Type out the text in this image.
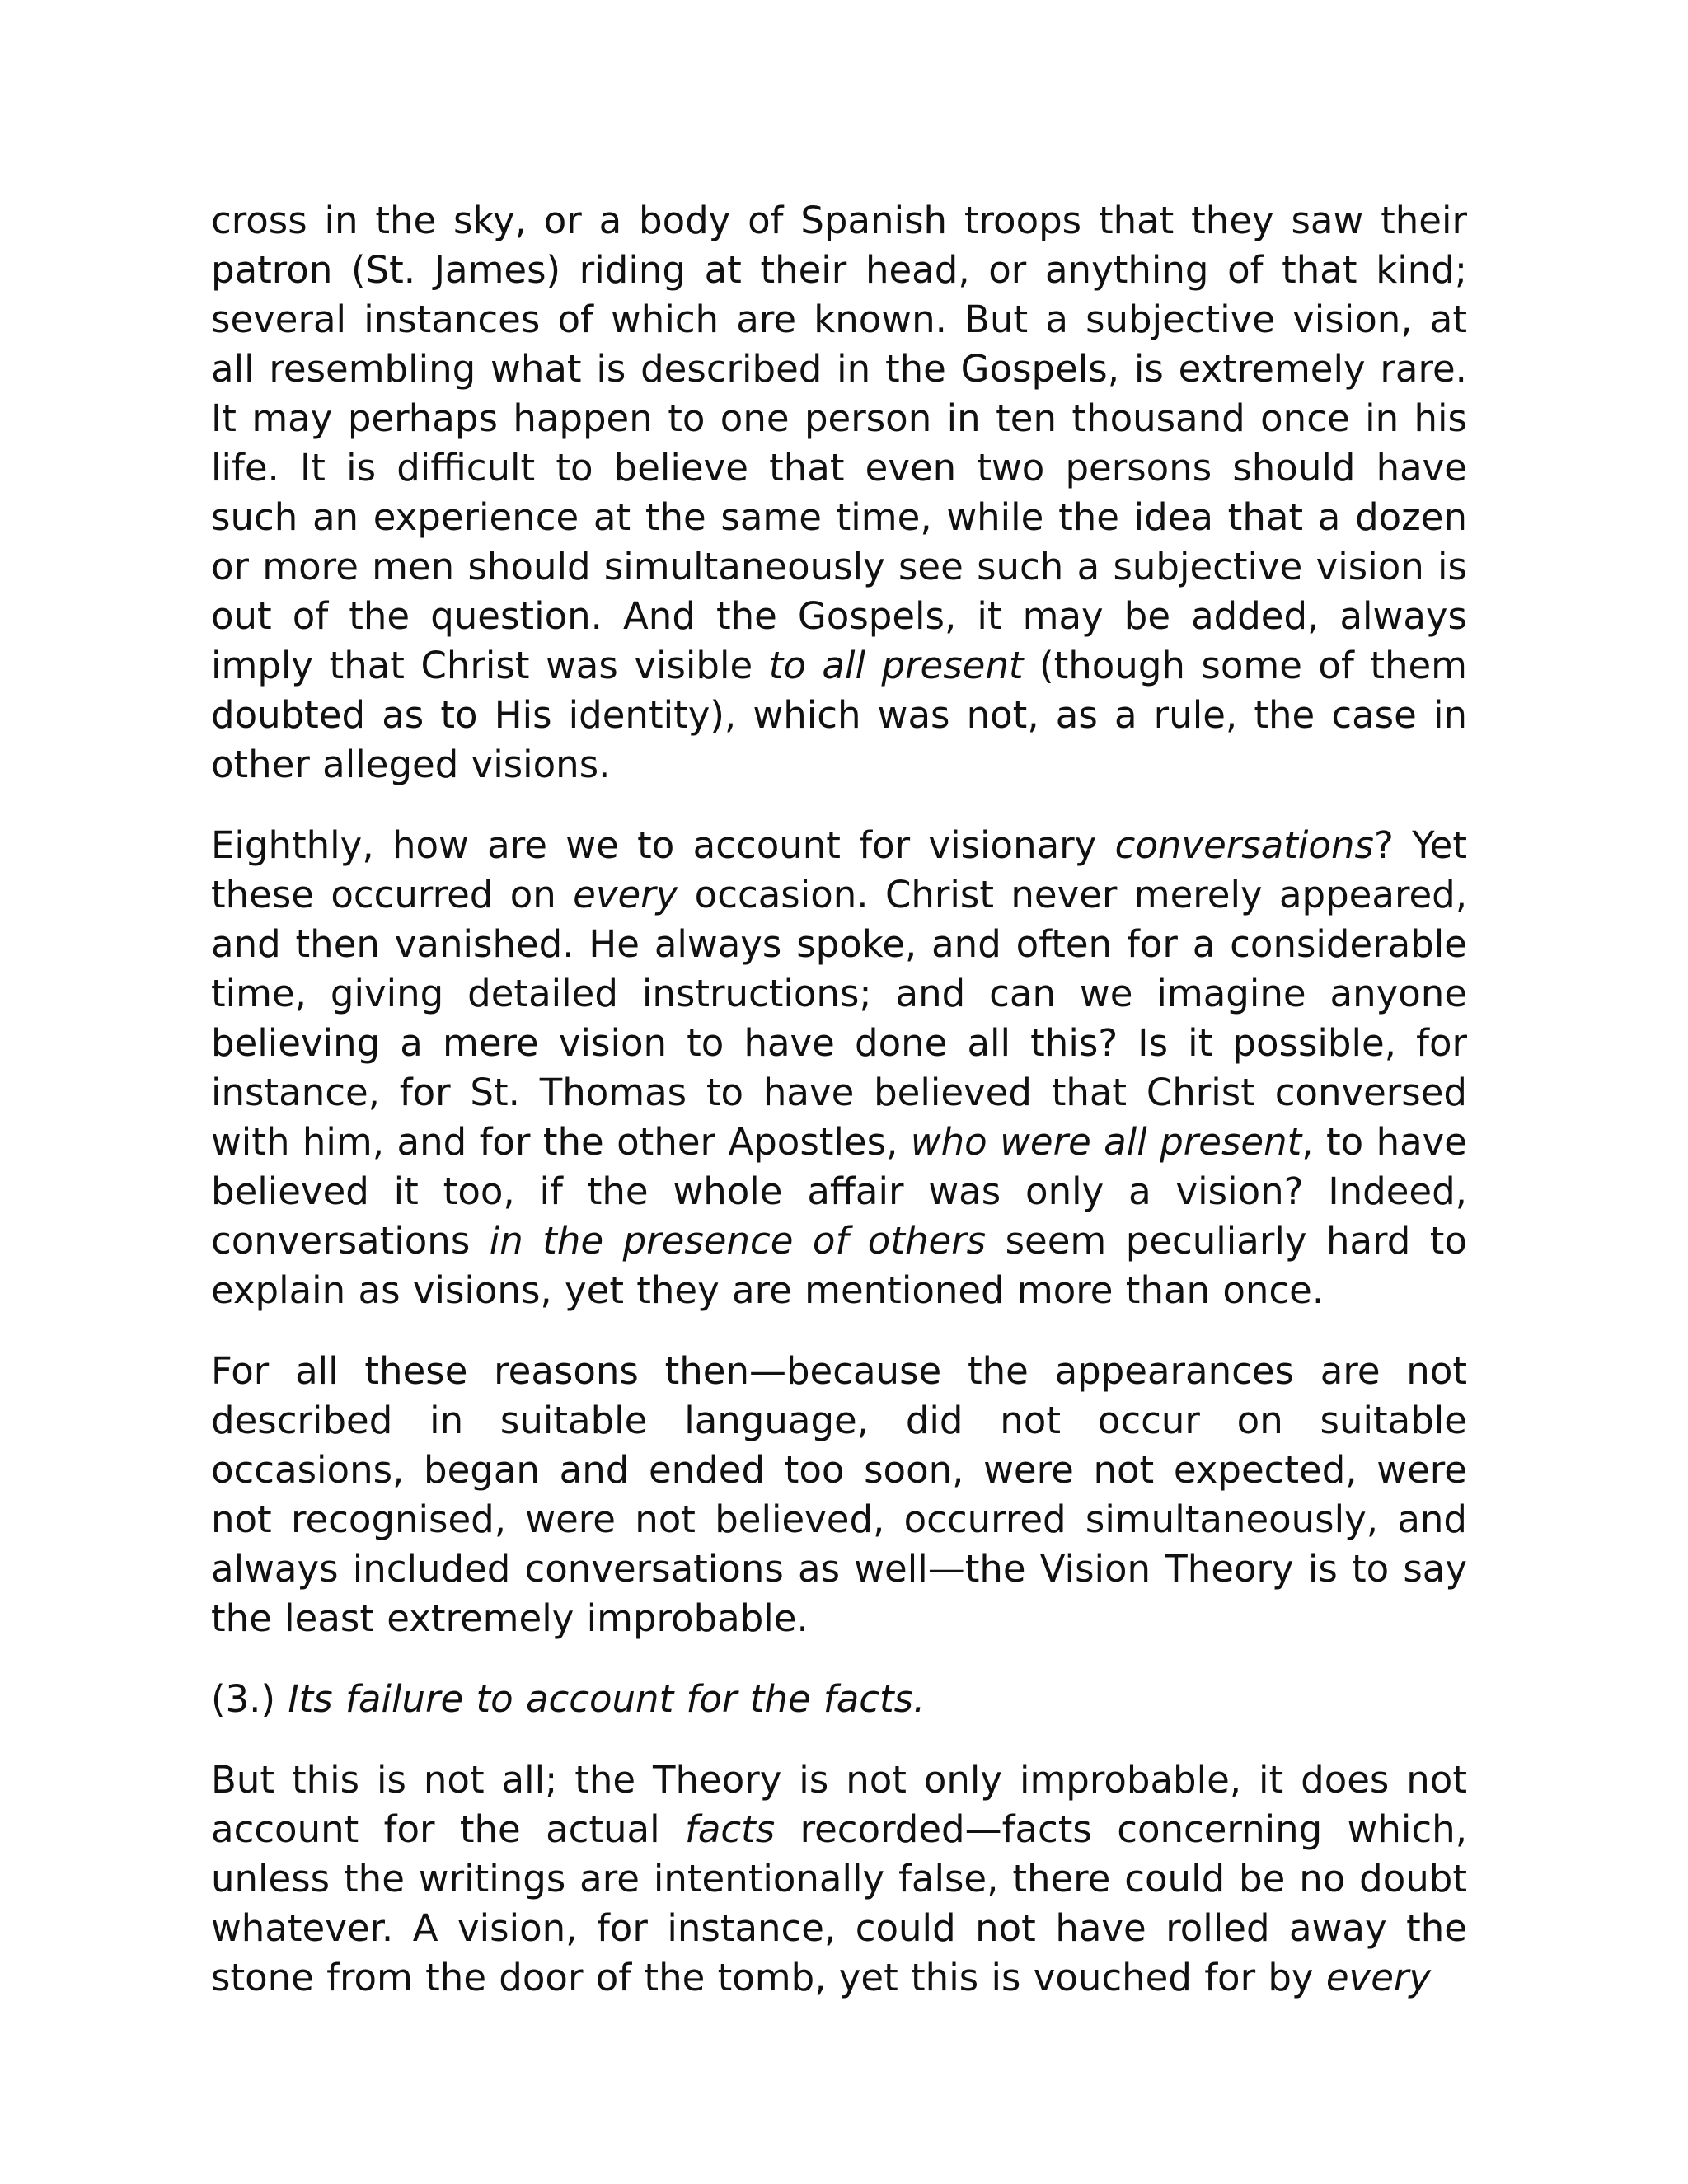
cross in the sky, or a body of Spanish troops that they saw their patron (St. James) riding at their head, or anything of that kind; several instances of which are known. But a subjective vision, at all resembling what is described in the Gospels, is extremely rare. It may perhaps happen to one person in ten thousand once in his life. It is difficult to believe that even two persons should have such an experience at the same time, while the idea that a dozen or more men should simultaneously see such a subjective vision is out of the question. And the Gospels, it may be added, always imply that Christ was visible to all present (though some of them doubted as to His identity), which was not, as a rule, the case in other alleged visions.

Eighthly, how are we to account for visionary conversations? Yet these occurred on every occasion. Christ never merely appeared, and then vanished. He always spoke, and often for a considerable time, giving detailed instructions; and can we imagine anyone believing a mere vision to have done all this? Is it possible, for instance, for St. Thomas to have believed that Christ conversed with him, and for the other Apostles, who were all present, to have believed it too, if the whole affair was only a vision? Indeed, conversations in the presence of others seem peculiarly hard to explain as visions, yet they are mentioned more than once.

For all these reasons then—because the appearances are not described in suitable language, did not occur on suitable occasions, began and ended too soon, were not expected, were not recognised, were not believed, occurred simultaneously, and always included conversations as well—the Vision Theory is to say the least extremely improbable.

(3.) Its failure to account for the facts.

But this is not all; the Theory is not only improbable, it does not account for the actual facts recorded—facts concerning which, unless the writings are intentionally false, there could be no doubt whatever. A vision, for instance, could not have rolled away the stone from the door of the tomb, yet this is vouched for by every
